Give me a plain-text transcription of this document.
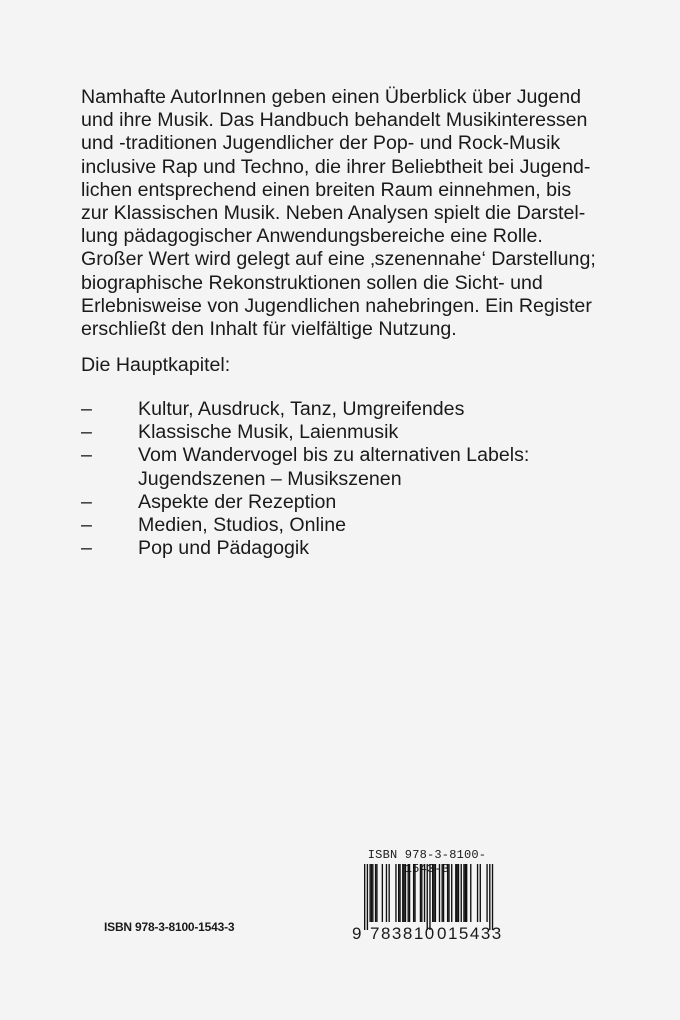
Namhafte AutorInnen geben einen Überblick über Jugend
und ihre Musik. Das Handbuch behandelt Musikinteressen
und -traditionen Jugendlicher der Pop- und Rock-Musik
inclusive Rap und Techno, die ihrer Beliebtheit bei Jugend-
lichen entsprechend einen breiten Raum einnehmen, bis
zur Klassischen Musik. Neben Analysen spielt die Darstel-
lung pädagogischer Anwendungsbereiche eine Rolle.
Großer Wert wird gelegt auf eine ‚szenennahe‘ Darstellung;
biographische Rekonstruktionen sollen die Sicht- und
Erlebnisweise von Jugendlichen nahebringen. Ein Register
erschließt den Inhalt für vielfältige Nutzung.

Die Hauptkapitel:

–	Kultur, Ausdruck, Tanz, Umgreifendes
–	Klassische Musik, Laienmusik
–	Vom Wandervogel bis zu alternativen Labels:
Jugendszenen – Musikszenen
–	Aspekte der Rezeption
–	Medien, Studios, Online
–	Pop und Pädagogik
ISBN 978-3-8100-1543-3
ISBN 978-3-8100- 543-3
9 783810 015433
